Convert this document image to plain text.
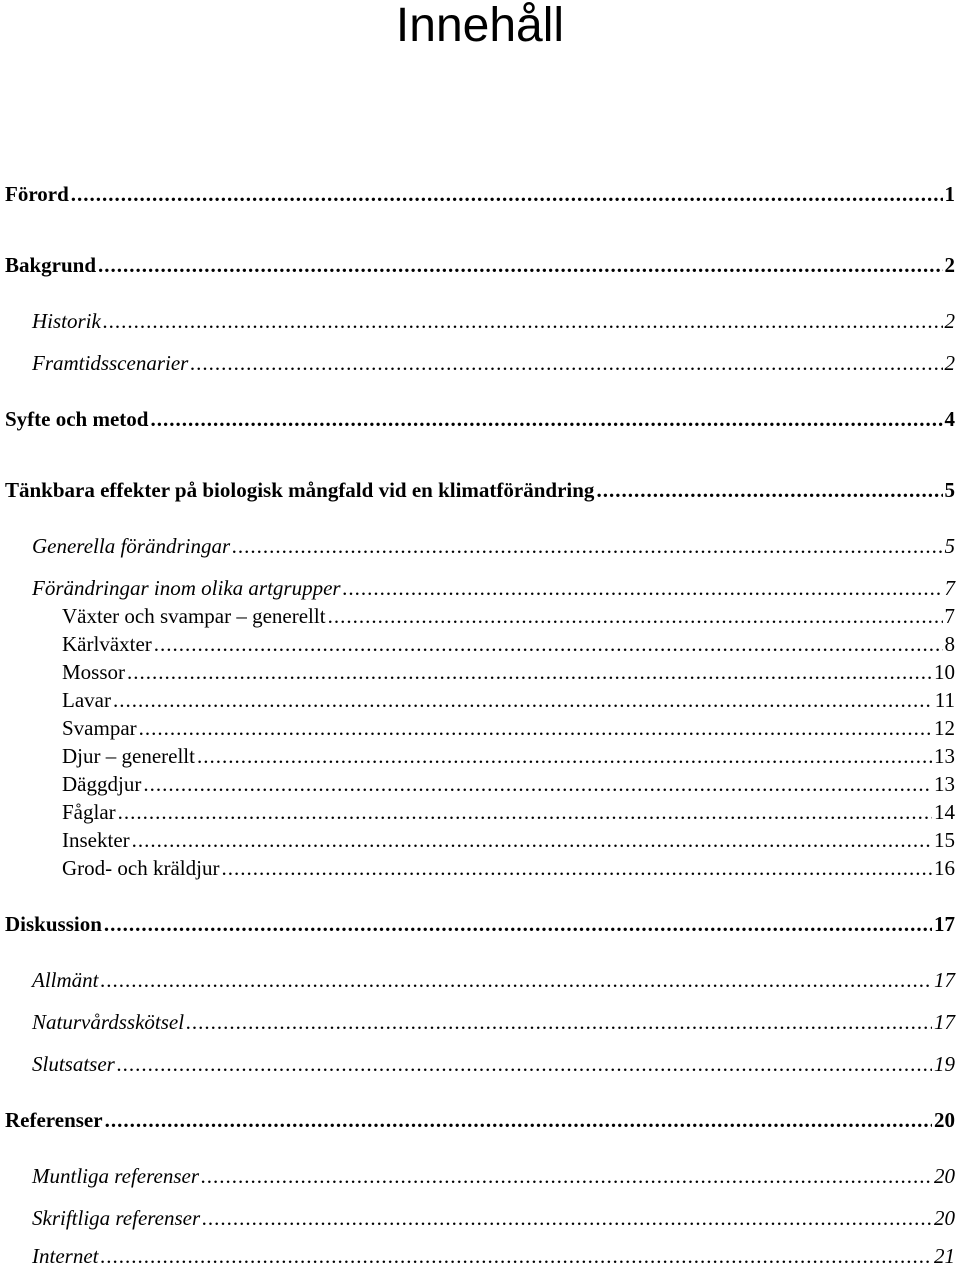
Innehåll
Förord .....	1
Bakgrund .....	2
Historik .....	2
Framtidsscenarier .....	2
Syfte och metod .....	4
Tänkbara effekter på biologisk mångfald vid en klimatförändring .....	5
Generella förändringar .....	5
Förändringar inom olika artgrupper .....	7
Växter och svampar – generellt .....	7
Kärlväxter .....	8
Mossor .....	10
Lavar .....	11
Svampar .....	12
Djur – generellt .....	13
Däggdjur .....	13
Fåglar .....	14
Insekter .....	15
Grod- och kräldjur .....	16
Diskussion .....	17
Allmänt .....	17
Naturvårdsskötsel .....	17
Slutsatser .....	19
Referenser .....	20
Muntliga referenser .....	20
Skriftliga referenser .....	20
Internet .....	21
